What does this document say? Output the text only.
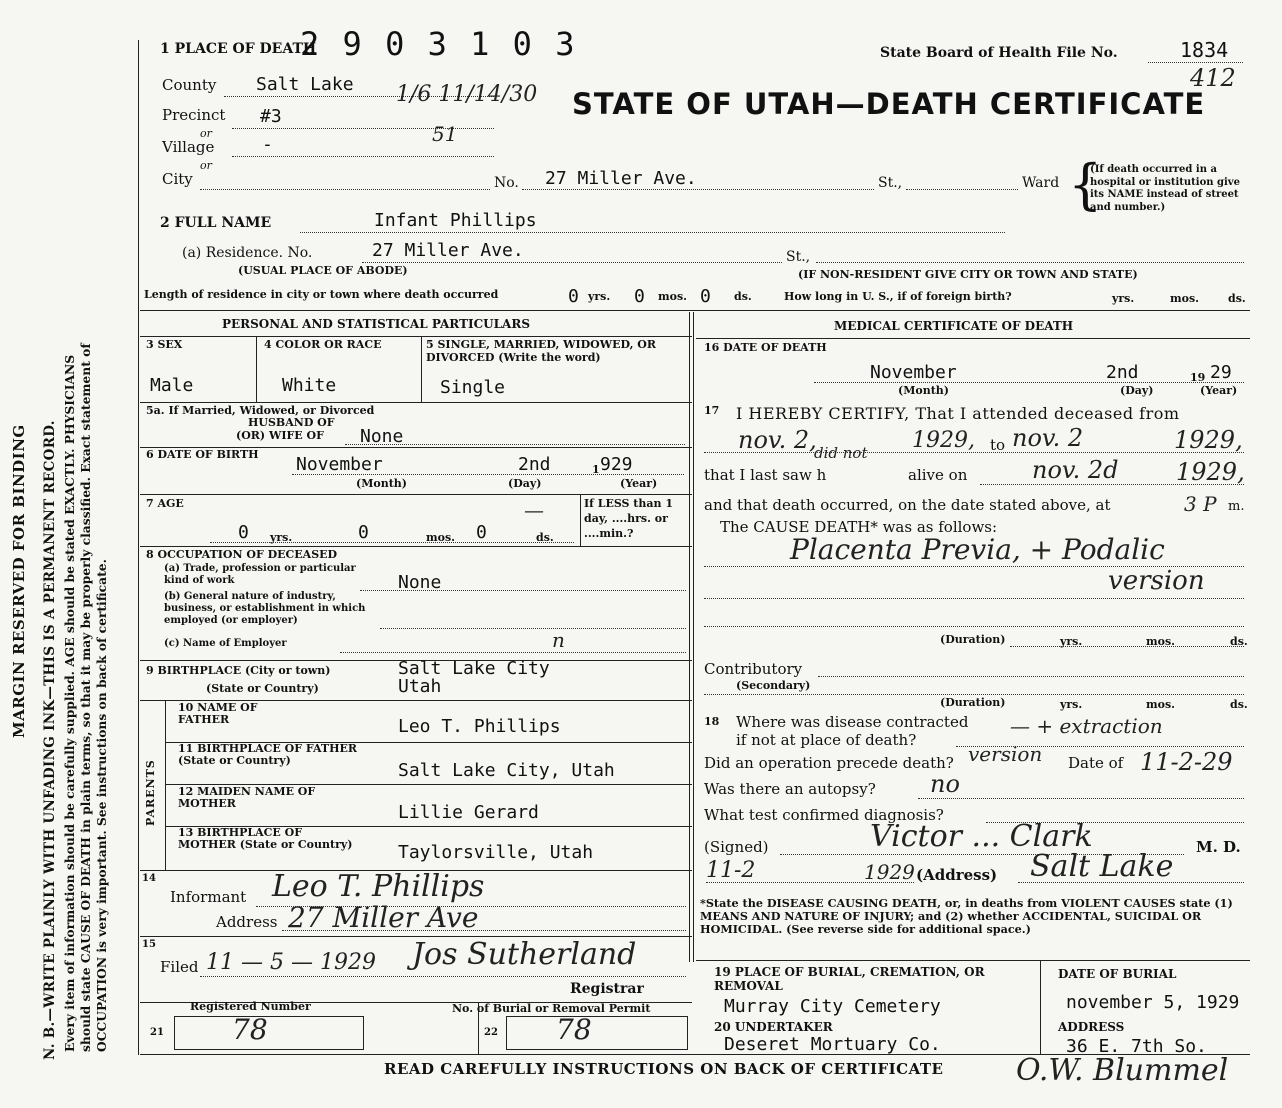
MARGIN RESERVED FOR BINDING N. B.—WRITE PLAINLY WITH UNFADING INK—THIS IS A PERMANENT RECORD. Every item of information should be carefully supplied. AGE should be stated EXACTLY. PHYSICIANS should state CAUSE OF DEATH in plain terms, so that it may be properly classified. Exact statement of OCCUPATION is very important. See instructions on back of certificate.
1 PLACE OF DEATH
2 9 0 3 1 0 3	State Board of Health File No.	1834
412
STATE OF UTAH—DEATH CERTIFICATE
County Salt Lake 1/6 11/14/30
Precinct #3
or	51
Village	-
or
City	No. 27 Miller Ave.	St.,	Ward {
(If death occurred in a hospital or institution give its NAME instead of street and number.)
2 FULL NAME	Infant Phillips
(a) Residence. No.	27 Miller Ave.	St.,
(USUAL PLACE OF ABODE)	(IF NON-RESIDENT GIVE CITY OR TOWN AND STATE)
Length of residence in city or town where death occurred	0 yrs. 0 mos. 0 ds.	How long in U. S., if of foreign birth?	yrs.	mos.	ds.
PERSONAL AND STATISTICAL PARTICULARS
3 SEX
Male
4 COLOR OR RACE
White
5 SINGLE, MARRIED, WIDOWED, OR DIVORCED (Write the word)
Single
5a. If Married, Widowed, or Divorced
HUSBAND OF
(OR) WIFE OF None
6 DATE OF BIRTH November	2nd	1 929
(Month)	(Day)	(Year)
7 AGE
0 yrs.	0	mos. 0	ds.
If LESS than 1 day, ....hrs. or ....min.?
—
8 OCCUPATION OF DECEASED
(a) Trade, profession or particular kind of work	None
(b) General nature of industry, business, or establishment in which employed (or employer)
(c) Name of Employer	n
9 BIRTHPLACE (City or town)	Salt Lake City
(State or Country)	Utah
PARENTS
10 NAME OF FATHER	Leo T. Phillips
11 BIRTHPLACE OF FATHER (State or Country)	Salt Lake City, Utah
12 MAIDEN NAME OF MOTHER	Lillie Gerard
13 BIRTHPLACE OF MOTHER (State or Country)	Taylorsville, Utah
14
Informant Leo T. Phillips
Address 27 Miller Ave
15
Filed 11 — 5 — 1929 Jos Sutherland
Registrar
Registered Number	No. of Burial or Removal Permit
21 78	22 78
MEDICAL CERTIFICATE OF DEATH
16 DATE OF DEATH
November	2nd	19 29
(Month)	(Day)	(Year)
17 I HEREBY CERTIFY, That I attended deceased from
nov. 2,	1929, to nov. 2	1929,
that I last saw h
did not
alive on	nov. 2d 1929,
and that death occurred, on the date stated above, at	3 P m.
The CAUSE DEATH* was as follows:
Placenta Previa, + Podalic
version
(Duration)	yrs.	mos.	ds.
Contributory
(Secondary)
(Duration)	yrs.	mos.	ds.
18 Where was disease contracted
if not at place of death?
— + extraction
Did an operation precede death? version Date of 11-2-29
Was there an autopsy? no
What test confirmed diagnosis?
(Signed)	Victor ... Clark	M. D.
11-2	1929 (Address) Salt Lake
*State the DISEASE CAUSING DEATH, or, in deaths from VIOLENT CAUSES state (1) MEANS AND NATURE OF INJURY; and (2) whether ACCIDENTAL, SUICIDAL OR HOMICIDAL. (See reverse side for additional space.)
19 PLACE OF BURIAL, CREMATION, OR REMOVAL
Murray City Cemetery
DATE OF BURIAL
november 5, 1929
20 UNDERTAKER
Deseret Mortuary Co.
ADDRESS
36 E. 7th So.
READ CAREFULLY INSTRUCTIONS ON BACK OF CERTIFICATE O.W. Blummel
